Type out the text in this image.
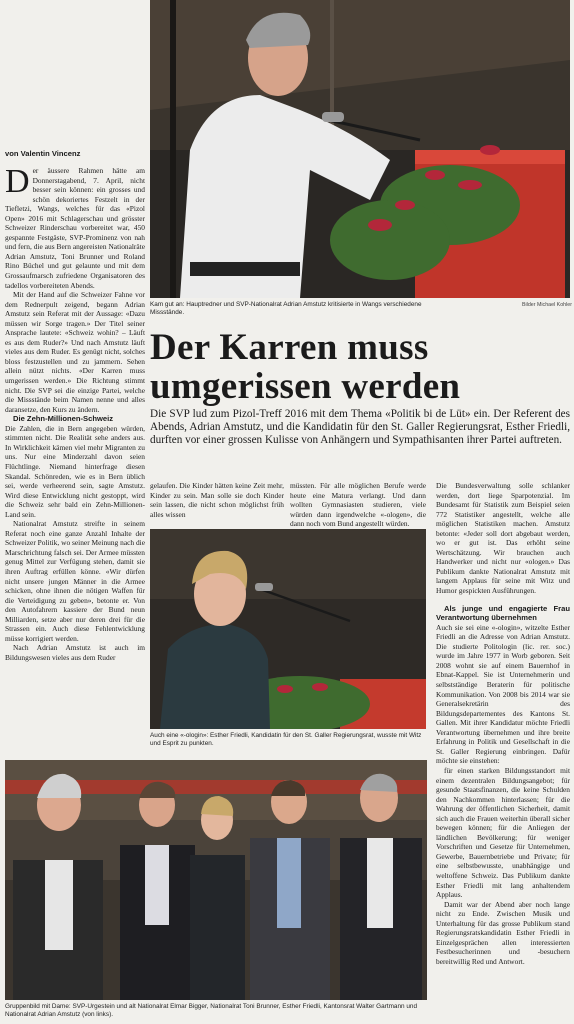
von Valentin Vincenz

Der äussere Rahmen hätte am Donnerstagabend, 7. April, nicht besser sein können: ein grosses und schön dekoriertes Festzelt in der Tiefletzi, Wangs, welches für das «Pizol Open» 2016 mit Schlagerschau und grösster Schweizer Rinderschau vorbereitet war, 450 gespannte Festgäste, SVP-Prominenz von nah und fern, die aus Bern angereisten Nationalräte Adrian Amstutz, Toni Brunner und Roland Rino Büchel und gut gelaunte und mit dem Grossaufmarsch zufriedene Organisatoren des tadellos vorbereiteten Abends.

Mit der Hand auf die Schweizer Fahne vor dem Rednerpult zeigend, begann Adrian Amstutz sein Referat mit der Aussage: «Dazu müssen wir Sorge tragen.» Der Titel seiner Ansprache lautete: «Schweiz wohin? – Läuft es aus dem Ruder?» Und nach Amstutz läuft vieles aus dem Ruder. Es genügt nicht, solches bloss festzustellen und zu jammern. Sehen allein nützt nichts. «Der Karren muss umgerissen werden.» Die Richtung stimmt nicht. Die SVP sei die einzige Partei, welche die Missstände beim Namen nenne und alles daransetze, den Kurs zu ändern.

Die Zehn-Millionen-Schweiz

Die Zahlen, die in Bern angegeben würden, stimmten nicht. Die Realität sehe anders aus. In Wirklichkeit kämen viel mehr Migranten zu uns. Nur eine Minderzahl davon seien Flüchtlinge. Niemand hinterfrage diesen Skandal. Schönreden, wie es in Bern üblich sei, werde verheerend sein, sagte Amstutz. Wird diese Entwicklung nicht gestoppt, wird die Schweiz sehr bald ein Zehn-Millionen-Land sein.

Nationalrat Amstutz streifte in seinem Referat noch eine ganze Anzahl Inhalte der Schweizer Politik, wo seiner Meinung nach die Marschrichtung falsch sei. Der Armee müssten genug Mittel zur Verfügung stehen, damit sie ihren Auftrag erfüllen könne. «Wir dürfen nicht unsere jungen Männer in die Armee schicken, ohne ihnen die nötigen Waffen für die Verteidigung zu geben», betonte er. Von den Autofahrern kassiere der Bund neun Milliarden, setze aber nur deren drei für die Strassen ein. Auch diese Fehlentwicklung müsse korrigiert werden.

Nach Adrian Amstutz ist auch im Bildungswesen vieles aus dem Ruder

Kam gut an: Hauptredner und SVP-Nationalrat Adrian Amstutz kritisierte in Wangs verschiedene Missstände.
Bilder Michael Kohler
Der Karren muss
umgerissen werden
Die SVP lud zum Pizol-Treff 2016 mit dem Thema «Politik bi de Lüt» ein. Der Referent des Abends, Adrian Amstutz, und die Kandidatin für den St. Galler Regierungsrat, Esther Friedli, durften vor einer grossen Kulisse von Anhängern und Sympathisanten ihrer Partei auftreten.

gelaufen. Die Kinder hätten keine Zeit mehr, Kinder zu sein. Man solle sie doch Kinder sein lassen, die nicht schon möglichst früh alles wissen

müssten. Für alle möglichen Berufe werde heute eine Matura verlangt. Und dann wollten Gymnasiasten studieren, viele würden dann irgendwelche «-ologen», die dann noch vom Bund angestellt würden.

Auch eine «-ologin»: Esther Friedli, Kandidatin für den St. Galler Regierungsrat, wusste mit Witz und Esprit zu punkten.

Die Bundesverwaltung solle schlanker werden, dort liege Sparpotenzial. Im Bundesamt für Statistik zum Beispiel seien 772 Statistiker angestellt, welche alle möglichen Statistiken machen. Amstutz betonte: «Jeder soll dort abgebaut werden, wo er gut ist. Das erhöht seine Wertschätzung. Wir brauchen auch Handwerker und nicht nur «ologen.» Das Publikum dankte Nationalrat Amstutz mit langem Applaus für seine mit Witz und Humor gespickten Ausführungen.

Als junge und engagierte Frau Verantwortung übernehmen

Auch sie sei eine «-ologin», witzelte Esther Friedli an die Adresse von Adrian Amstutz. Die studierte Politologin (lic. rer. soc.) wurde im Jahre 1977 in Worb geboren. Seit 2008 wohnt sie auf einem Bauernhof in Ebnat-Kappel. Sie ist Unternehmerin und selbstständige Beraterin für politische Kommunikation. Von 2008 bis 2014 war sie Generalsekretärin des Bildungsdepartementes des Kantons St. Gallen. Mit ihrer Kandidatur möchte Friedli Verantwortung übernehmen und ihre breite Erfahrung in Politik und Gesellschaft in die St. Galler Regierung einbringen. Dafür möchte sie einstehen:

für einen starken Bildungsstandort mit einem dezentralen Bildungsangebot; für gesunde Staatsfinanzen, die keine Schulden den Nachkommen hinterlassen; für die Wahrung der öffentlichen Sicherheit, damit sich auch die Frauen weiterhin überall sicher bewegen können; für die Anliegen der ländlichen Bevölkerung; für weniger Vorschriften und Gesetze für Unternehmen, Gewerbe, Bauernbetriebe und Private; für eine selbstbewusste, unabhängige und weltoffene Schweiz. Das Publikum dankte Esther Friedli mit lang anhaltendem Applaus.

Damit war der Abend aber noch lange nicht zu Ende. Zwischen Musik und Unterhaltung für das grosse Publikum stand Regierungsratskandidatin Esther Friedli in Einzelgesprächen allen interessierten Festbesucherinnen und -besuchern bereitwillig Red und Antwort.

Gruppenbild mit Dame: SVP-Urgestein und alt Nationalrat Elmar Bigger, Nationalrat Toni Brunner, Esther Friedli, Kantonsrat Walter Gartmann und Nationalrat Adrian Amstutz (von links).
